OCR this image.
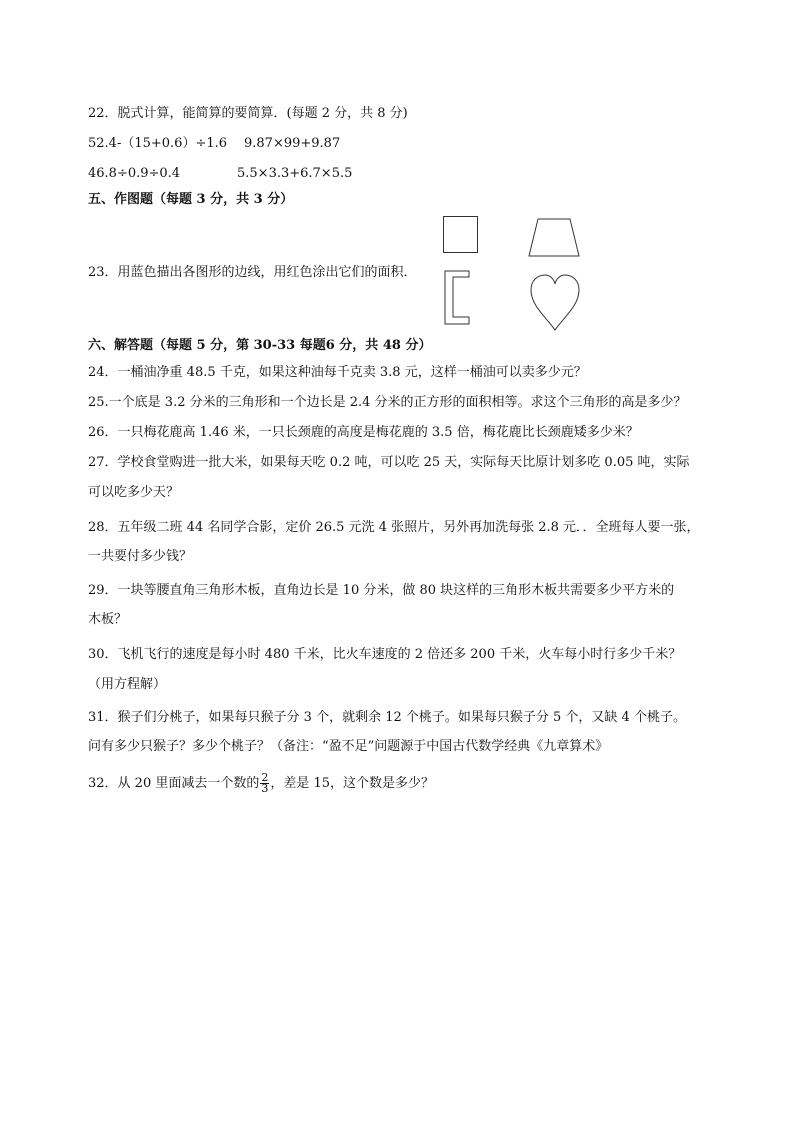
22．脱式计算，能简算的要简算．(每题 2 分，共 8 分)
52.4-（15+0.6）÷1.6 9.87×99+9.87
46.8÷0.9÷0.4	5.5×3.3+6.7×5.5
五、作图题（每题 3 分，共 3 分）
23．用蓝色描出各图形的边线，用红色涂出它们的面积．
六、解答题（每题 5 分，第 30-33 每题6 分，共 48 分）
24．一桶油净重 48.5 千克，如果这种油每千克卖 3.8 元，这样一桶油可以卖多少元？
25.一个底是 3.2 分米的三角形和一个边长是 2.4 分米的正方形的面积相等。求这个三角形的高是多少？
26．一只梅花鹿高 1.46 米，一只长颈鹿的高度是梅花鹿的 3.5 倍，梅花鹿比长颈鹿矮多少米？
27．学校食堂购进一批大米，如果每天吃 0.2 吨，可以吃 25 天，实际每天比原计划多吃 0.05 吨，实际
可以吃多少天？
28．五年级二班 44 名同学合影，定价 26.5 元洗 4 张照片，另外再加洗每张 2.8 元．．全班每人要一张，
一共要付多少钱？
29．一块等腰直角三角形木板，直角边长是 10 分米，做 80 块这样的三角形木板共需要多少平方米的
木板？
30．飞机飞行的速度是每小时 480 千米，比火车速度的 2 倍还多 200 千米，火车每小时行多少千米？
（用方程解）
31．猴子们分桃子，如果每只猴子分 3 个，就剩余 12 个桃子。如果每只猴子分 5 个，又缺 4 个桃子。
问有多少只猴子？多少个桃子？（备注：“盈不足”问题源于中国古代数学经典《九章算术》
32．从 20 里面减去一个数的 $\frac{2}{3}$ ，差是 15，这个数是多少？
